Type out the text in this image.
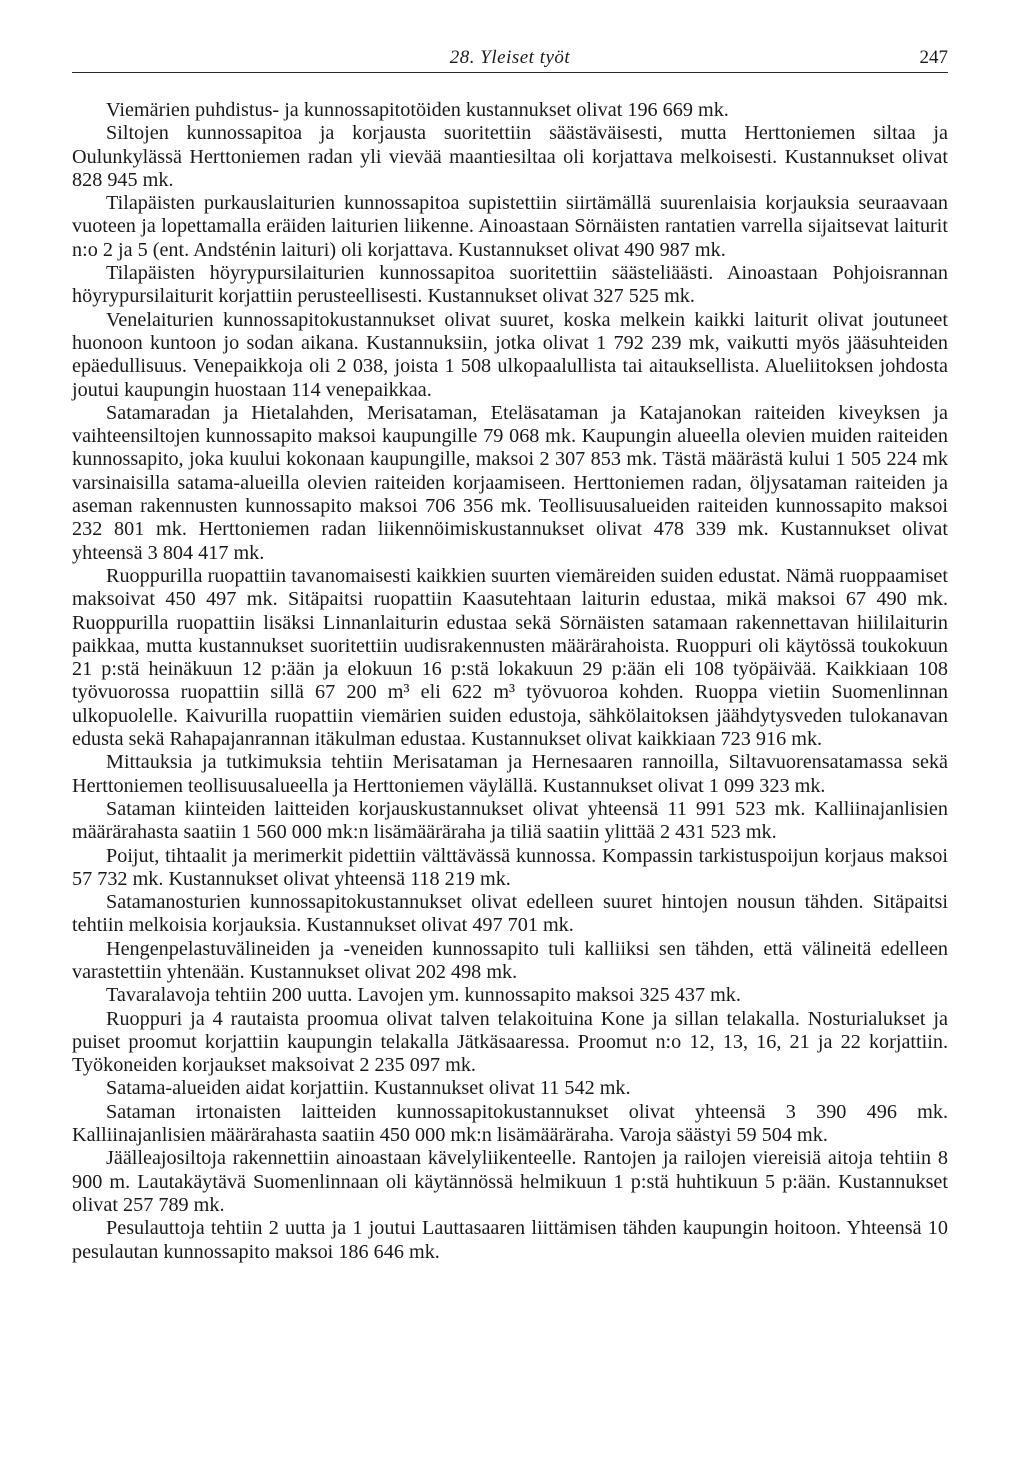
28. Yleiset työt	247

Viemärien puhdistus- ja kunnossapitotöiden kustannukset olivat 196 669 mk.

Siltojen kunnossapitoa ja korjausta suoritettiin säästäväisesti, mutta Herttoniemen siltaa ja Oulunkylässä Herttoniemen radan yli vievää maantiesiltaa oli korjattava melkoisesti. Kustannukset olivat 828 945 mk.

Tilapäisten purkauslaiturien kunnossapitoa supistettiin siirtämällä suurenlaisia korjauksia seuraavaan vuoteen ja lopettamalla eräiden laiturien liikenne. Ainoastaan Sörnäisten rantatien varrella sijaitsevat laiturit n:o 2 ja 5 (ent. Andsténin laituri) oli korjattava. Kustannukset olivat 490 987 mk.

Tilapäisten höyrypursilaiturien kunnossapitoa suoritettiin säästeliäästi. Ainoastaan Pohjoisrannan höyrypursilaiturit korjattiin perusteellisesti. Kustannukset olivat 327 525 mk.

Venelaiturien kunnossapitokustannukset olivat suuret, koska melkein kaikki laiturit olivat joutuneet huonoon kuntoon jo sodan aikana. Kustannuksiin, jotka olivat 1 792 239 mk, vaikutti myös jääsuhteiden epäedullisuus. Venepaikkoja oli 2 038, joista 1 508 ulkopaalullista tai aitauksellista. Alueliitoksen johdosta joutui kaupungin huostaan 114 venepaikkaa.

Satamaradan ja Hietalahden, Merisataman, Eteläsataman ja Katajanokan raiteiden kiveyksen ja vaihteensiltojen kunnossapito maksoi kaupungille 79 068 mk. Kaupungin alueella olevien muiden raiteiden kunnossapito, joka kuului kokonaan kaupungille, maksoi 2 307 853 mk. Tästä määrästä kului 1 505 224 mk varsinaisilla satama-alueilla olevien raiteiden korjaamiseen. Herttoniemen radan, öljysataman raiteiden ja aseman rakennusten kunnossapito maksoi 706 356 mk. Teollisuusalueiden raiteiden kunnossapito maksoi 232 801 mk. Herttoniemen radan liikennöimiskustannukset olivat 478 339 mk. Kustannukset olivat yhteensä 3 804 417 mk.

Ruoppurilla ruopattiin tavanomaisesti kaikkien suurten viemäreiden suiden edustat. Nämä ruoppaamiset maksoivat 450 497 mk. Sitäpaitsi ruopattiin Kaasutehtaan laiturin edustaa, mikä maksoi 67 490 mk. Ruoppurilla ruopattiin lisäksi Linnanlaiturin edustaa sekä Sörnäisten satamaan rakennettavan hiililaiturin paikkaa, mutta kustannukset suoritettiin uudisrakennusten määrärahoista. Ruoppuri oli käytössä toukokuun 21 p:stä heinäkuun 12 p:ään ja elokuun 16 p:stä lokakuun 29 p:ään eli 108 työpäivää. Kaikkiaan 108 työvuorossa ruopattiin sillä 67 200 m³ eli 622 m³ työvuoroa kohden. Ruoppa vietiin Suomenlinnan ulkopuolelle. Kaivurilla ruopattiin viemärien suiden edustoja, sähkölaitoksen jäähdytysveden tulokanavan edusta sekä Rahapajanrannan itäkulman edustaa. Kustannukset olivat kaikkiaan 723 916 mk.

Mittauksia ja tutkimuksia tehtiin Merisataman ja Hernesaaren rannoilla, Siltavuorensatamassa sekä Herttoniemen teollisuusalueella ja Herttoniemen väylällä. Kustannukset olivat 1 099 323 mk.

Sataman kiinteiden laitteiden korjauskustannukset olivat yhteensä 11 991 523 mk. Kalliinajanlisien määrärahasta saatiin 1 560 000 mk:n lisämääräraha ja tiliä saatiin ylittää 2 431 523 mk.

Poijut, tihtaalit ja merimerkit pidettiin välttävässä kunnossa. Kompassin tarkistuspoijun korjaus maksoi 57 732 mk. Kustannukset olivat yhteensä 118 219 mk.

Satamanosturien kunnossapitokustannukset olivat edelleen suuret hintojen nousun tähden. Sitäpaitsi tehtiin melkoisia korjauksia. Kustannukset olivat 497 701 mk.

Hengenpelastuvälineiden ja -veneiden kunnossapito tuli kalliiksi sen tähden, että välineitä edelleen varastettiin yhtenään. Kustannukset olivat 202 498 mk.

Tavaralavoja tehtiin 200 uutta. Lavojen ym. kunnossapito maksoi 325 437 mk.

Ruoppuri ja 4 rautaista proomua olivat talven telakoituina Kone ja sillan telakalla. Nosturialukset ja puiset proomut korjattiin kaupungin telakalla Jätkäsaaressa. Proomut n:o 12, 13, 16, 21 ja 22 korjattiin. Työkoneiden korjaukset maksoivat 2 235 097 mk.

Satama-alueiden aidat korjattiin. Kustannukset olivat 11 542 mk.

Sataman irtonaisten laitteiden kunnossapitokustannukset olivat yhteensä 3 390 496 mk. Kalliinajanlisien määrärahasta saatiin 450 000 mk:n lisämääräraha. Varoja säästyi 59 504 mk.

Jäälleajosiltoja rakennettiin ainoastaan kävelyliikenteelle. Rantojen ja railojen viereisiä aitoja tehtiin 8 900 m. Lautakäytävä Suomenlinnaan oli käytännössä helmikuun 1 p:stä huhtikuun 5 p:ään. Kustannukset olivat 257 789 mk.

Pesulauttoja tehtiin 2 uutta ja 1 joutui Lauttasaaren liittämisen tähden kaupungin hoitoon. Yhteensä 10 pesulautan kunnossapito maksoi 186 646 mk.
